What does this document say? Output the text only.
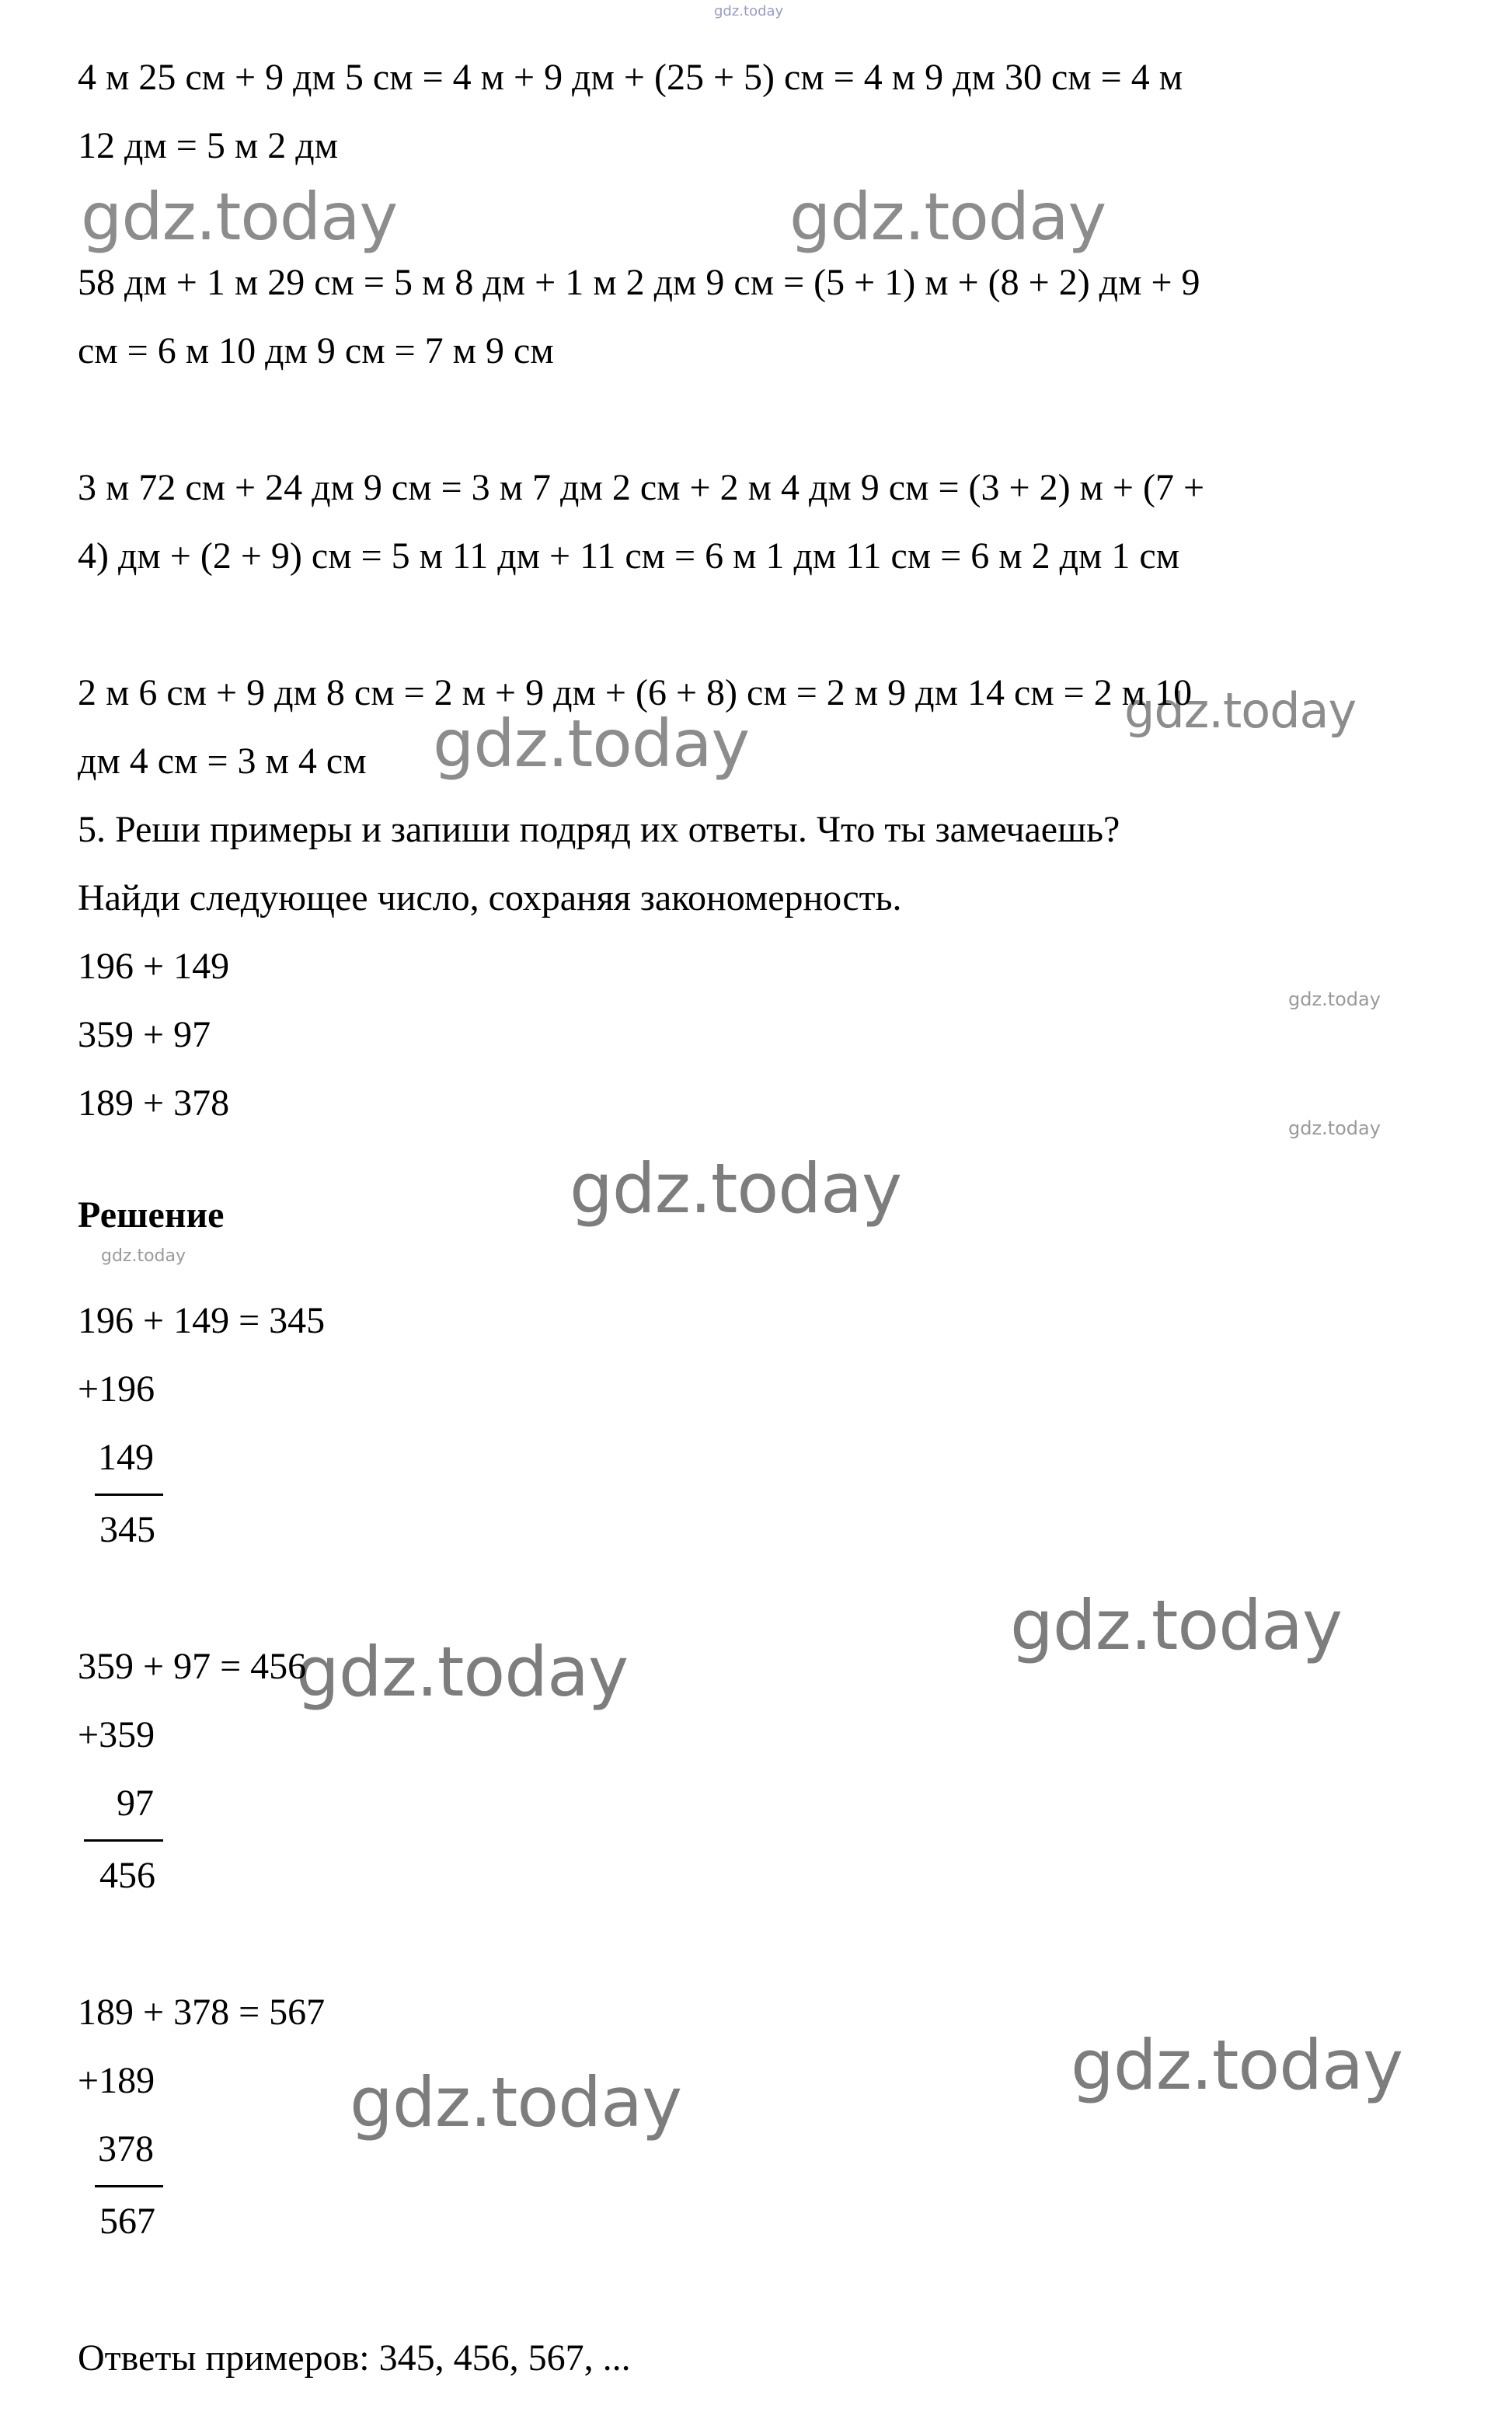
gdz.today
gdz.today	gdz.today
gdz.today
gdz.today
gdz.today
gdz.today
gdz.today
gdz.today
gdz.today
gdz.today
gdz.today
gdz.today
4 м 25 см + 9 дм 5 см = 4 м + 9 дм + (25 + 5) см = 4 м 9 дм 30 см = 4 м
12 дм = 5 м 2 дм
58 дм + 1 м 29 см = 5 м 8 дм + 1 м 2 дм 9 см = (5 + 1) м + (8 + 2) дм + 9
см = 6 м 10 дм 9 см = 7 м 9 см
3 м 72 см + 24 дм 9 см = 3 м 7 дм 2 см + 2 м 4 дм 9 см = (3 + 2) м + (7 +
4) дм + (2 + 9) см = 5 м 11 дм + 11 см = 6 м 1 дм 11 см = 6 м 2 дм 1 см
2 м 6 см + 9 дм 8 см = 2 м + 9 дм + (6 + 8) см = 2 м 9 дм 14 см = 2 м 10
дм 4 см = 3 м 4 см
5. Реши примеры и запиши подряд их ответы. Что ты замечаешь?
Найди следующее число, сохраняя закономерность.
196 + 149
359 + 97
189 + 378
Решение
196 + 149 = 345
+196
149
345
359 + 97 = 456
+359
97
456
189 + 378 = 567
+189
378
567
Ответы примеров: 345, 456, 567, ...
